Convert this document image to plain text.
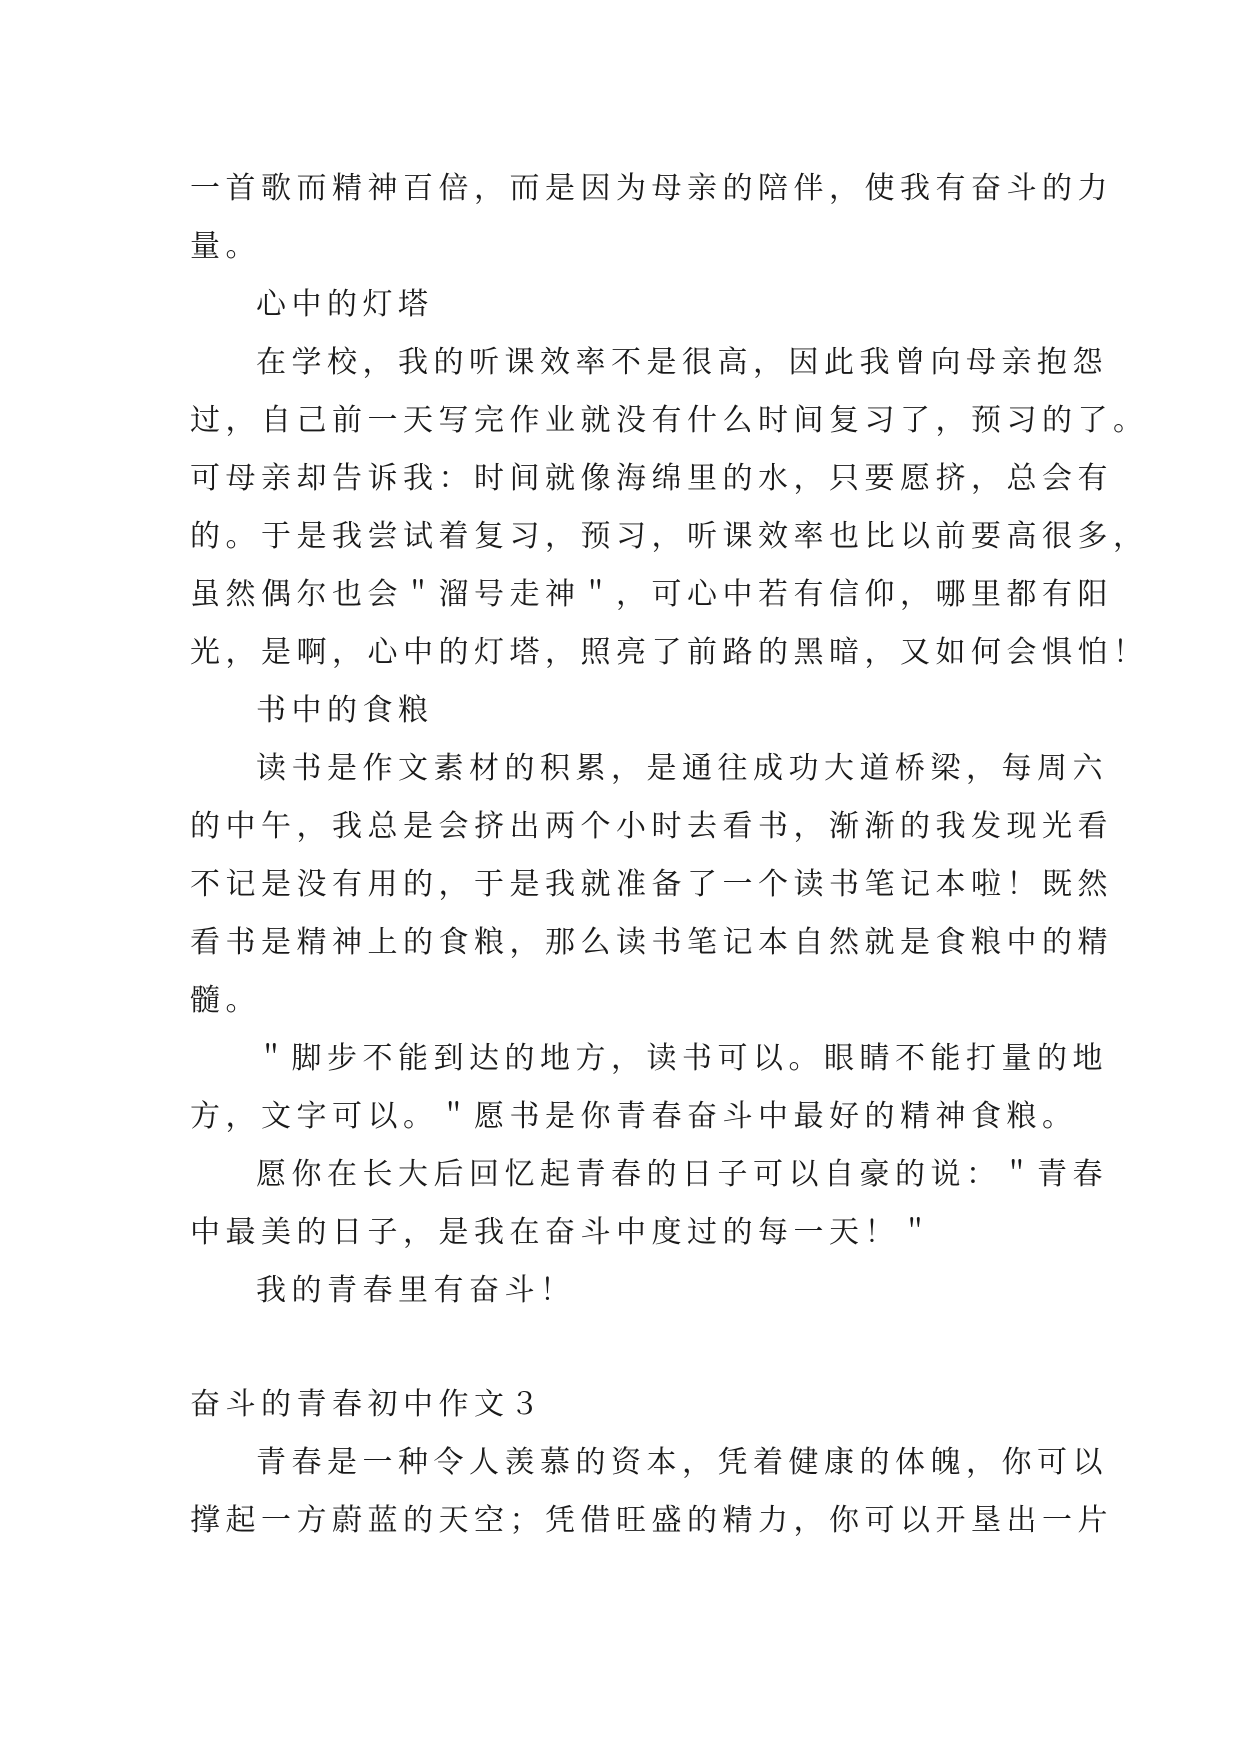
一首歌而精神百倍，而是因为母亲的陪伴，使我有奋斗的力
量。
心中的灯塔
在学校，我的听课效率不是很高，因此我曾向母亲抱怨
过，自己前一天写完作业就没有什么时间复习了，预习的了。
可母亲却告诉我：时间就像海绵里的水，只要愿挤，总会有
的。于是我尝试着复习，预习，听课效率也比以前要高很多，
虽然偶尔也会＂溜号走神＂，可心中若有信仰，哪里都有阳
光，是啊，心中的灯塔，照亮了前路的黑暗，又如何会惧怕！
书中的食粮
读书是作文素材的积累，是通往成功大道桥梁，每周六
的中午，我总是会挤出两个小时去看书，渐渐的我发现光看
不记是没有用的，于是我就准备了一个读书笔记本啦！既然
看书是精神上的食粮，那么读书笔记本自然就是食粮中的精
髓。
＂脚步不能到达的地方，读书可以。眼睛不能打量的地
方，文字可以。＂愿书是你青春奋斗中最好的精神食粮。
愿你在长大后回忆起青春的日子可以自豪的说：＂青春
中最美的日子，是我在奋斗中度过的每一天！＂
我的青春里有奋斗！
奋斗的青春初中作文３
青春是一种令人羡慕的资本，凭着健康的体魄，你可以
撑起一方蔚蓝的天空；凭借旺盛的精力，你可以开垦出一片
